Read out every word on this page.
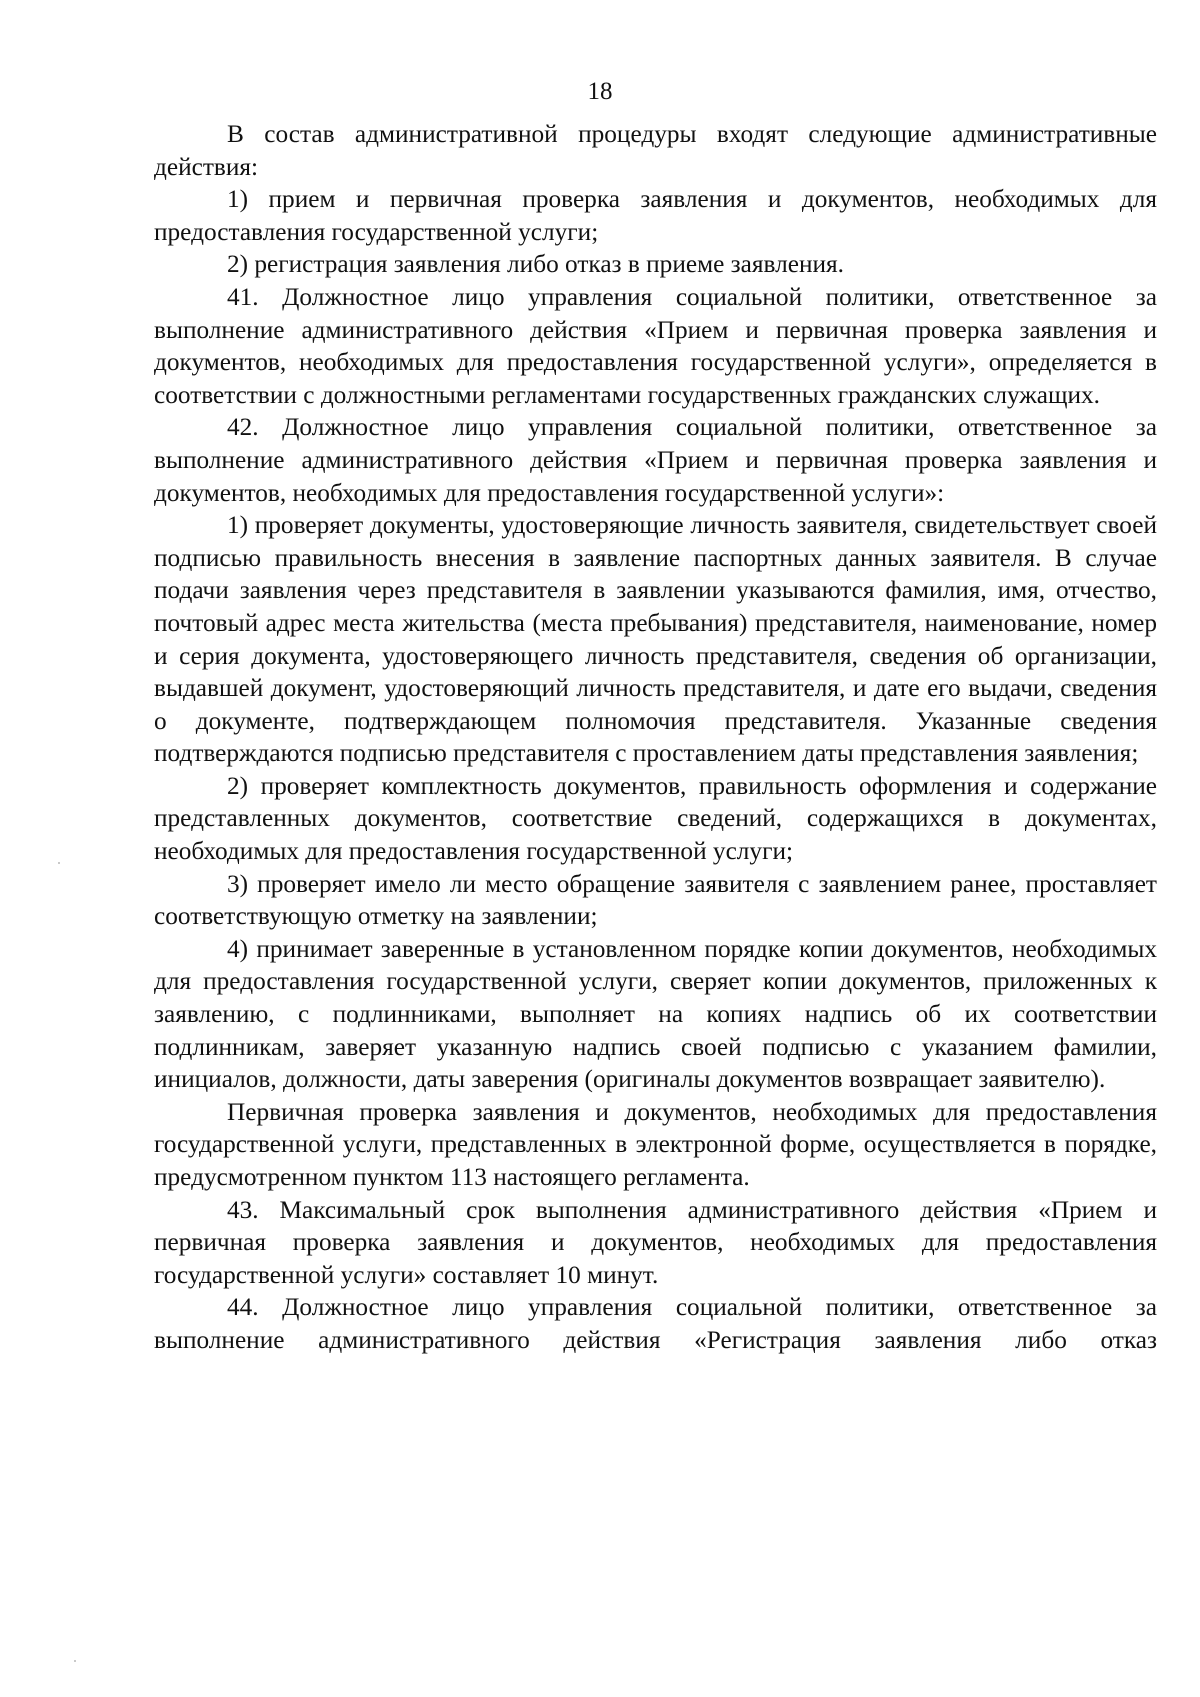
18

В состав административной процедуры входят следующие административные действия:

1) прием и первичная проверка заявления и документов, необходимых для предоставления государственной услуги;

2) регистрация заявления либо отказ в приеме заявления.

41. Должностное лицо управления социальной политики, ответственное за выполнение административного действия «Прием и первичная проверка заявления и документов, необходимых для предоставления государственной услуги», определяется в соответствии с должностными регламентами государственных гражданских служащих.

42. Должностное лицо управления социальной политики, ответственное за выполнение административного действия «Прием и первичная проверка заявления и документов, необходимых для предоставления государственной услуги»:

1) проверяет документы, удостоверяющие личность заявителя, свидетельствует своей подписью правильность внесения в заявление паспортных данных заявителя. В случае подачи заявления через представителя в заявлении указываются фамилия, имя, отчество, почтовый адрес места жительства (места пребывания) представителя, наименование, номер и серия документа, удостоверяющего личность представителя, сведения об организации, выдавшей документ, удостоверяющий личность представителя, и дате его выдачи, сведения о документе, подтверждающем полномочия представителя. Указанные сведения подтверждаются подписью представителя с проставлением даты представления заявления;

2) проверяет комплектность документов, правильность оформления и содержание представленных документов, соответствие сведений, содержащихся в документах, необходимых для предоставления государственной услуги;

3) проверяет имело ли место обращение заявителя с заявлением ранее, проставляет соответствующую отметку на заявлении;

4) принимает заверенные в установленном порядке копии документов, необходимых для предоставления государственной услуги, сверяет копии документов, приложенных к заявлению, с подлинниками, выполняет на копиях надпись об их соответствии подлинникам, заверяет указанную надпись своей подписью с указанием фамилии, инициалов, должности, даты заверения (оригиналы документов возвращает заявителю).

Первичная проверка заявления и документов, необходимых для предоставления государственной услуги, представленных в электронной форме, осуществляется в порядке, предусмотренном пунктом 113 настоящего регламента.

43. Максимальный срок выполнения административного действия «Прием и первичная проверка заявления и документов, необходимых для предоставления государственной услуги» составляет 10 минут.

44. Должностное лицо управления социальной политики, ответственное за выполнение административного действия «Регистрация заявления либо отказ
